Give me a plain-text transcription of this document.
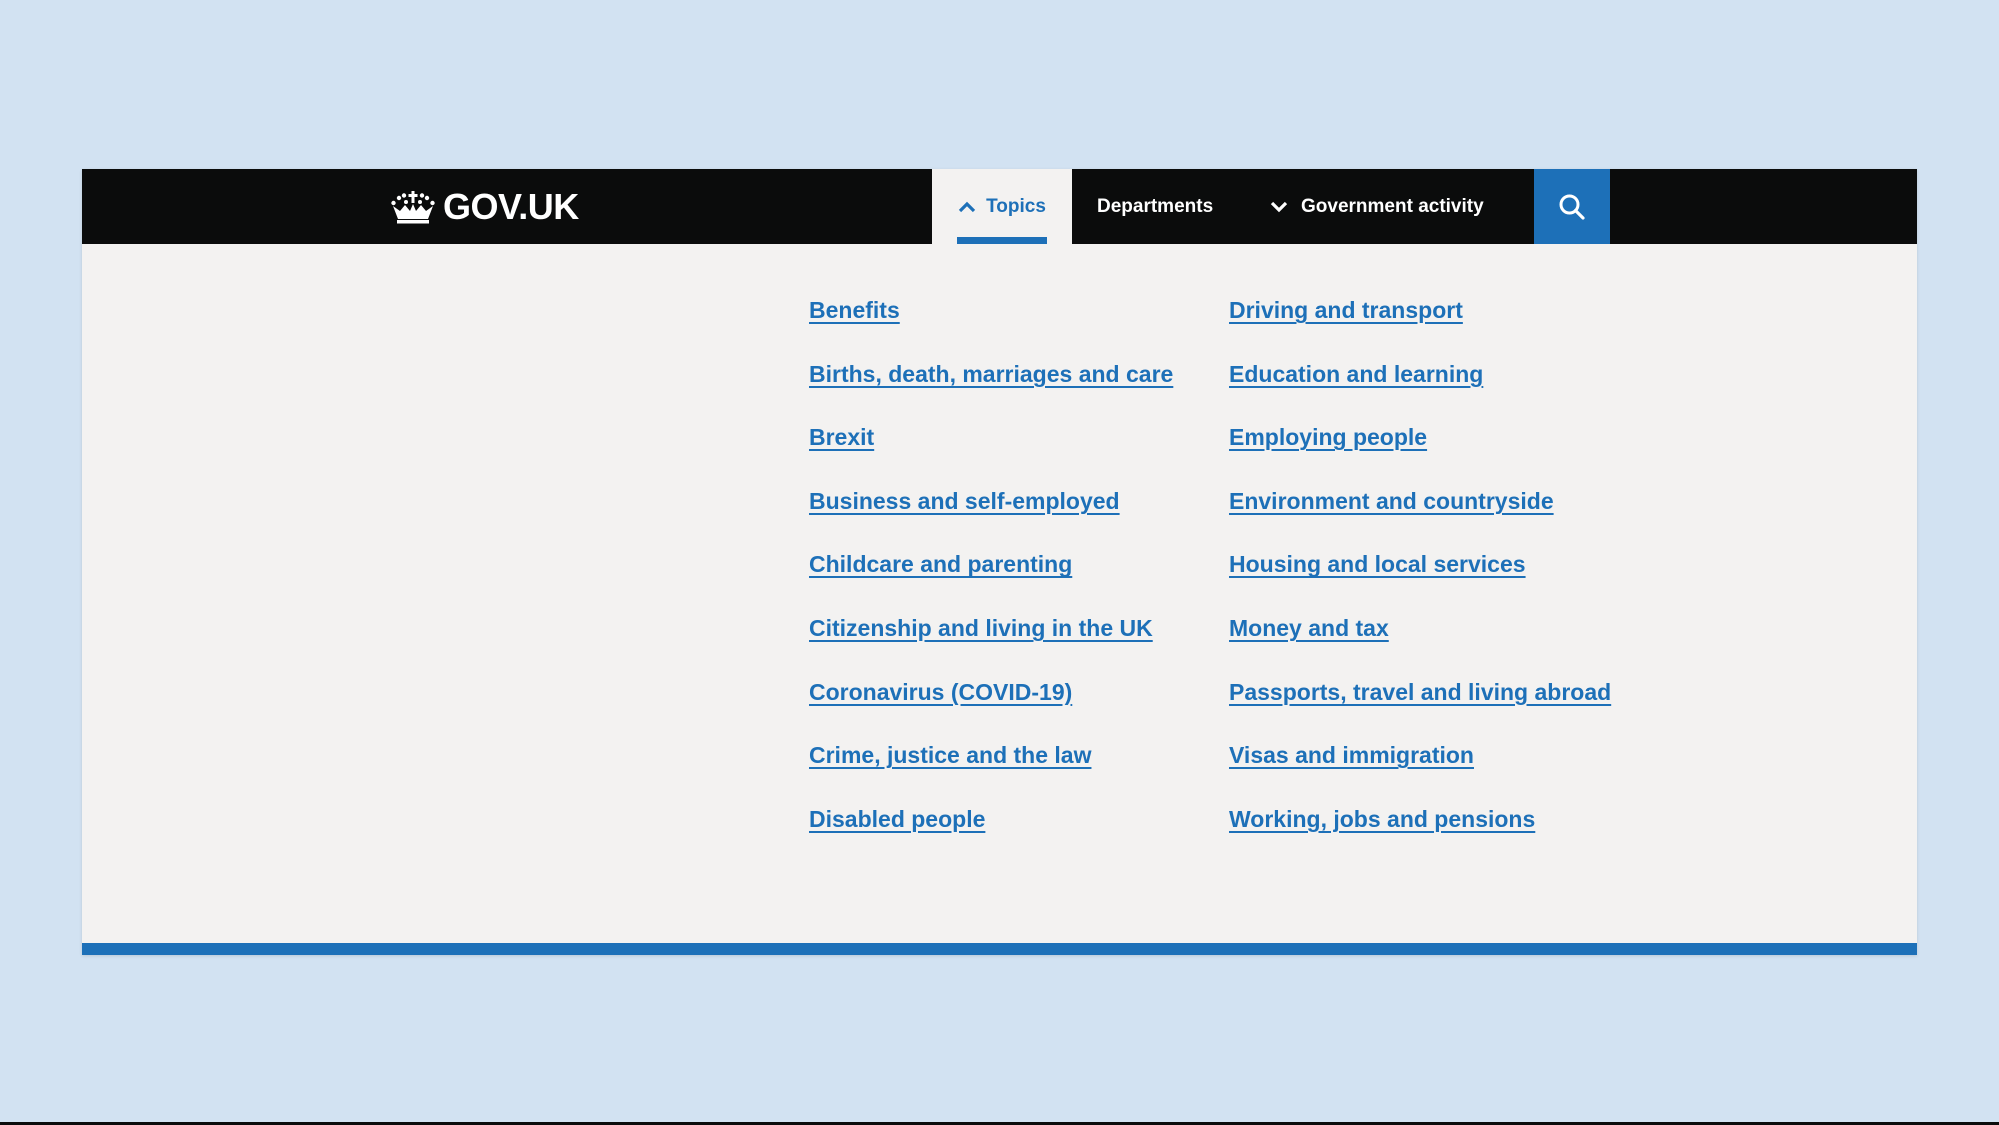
GOV.UK	Topics	Departments	Government activity
Benefits
Births, death, marriages and care
Brexit
Business and self-employed
Childcare and parenting
Citizenship and living in the UK
Coronavirus (COVID-19)
Crime, justice and the law
Disabled people
Driving and transport
Education and learning
Employing people
Environment and countryside
Housing and local services
Money and tax
Passports, travel and living abroad
Visas and immigration
Working, jobs and pensions
